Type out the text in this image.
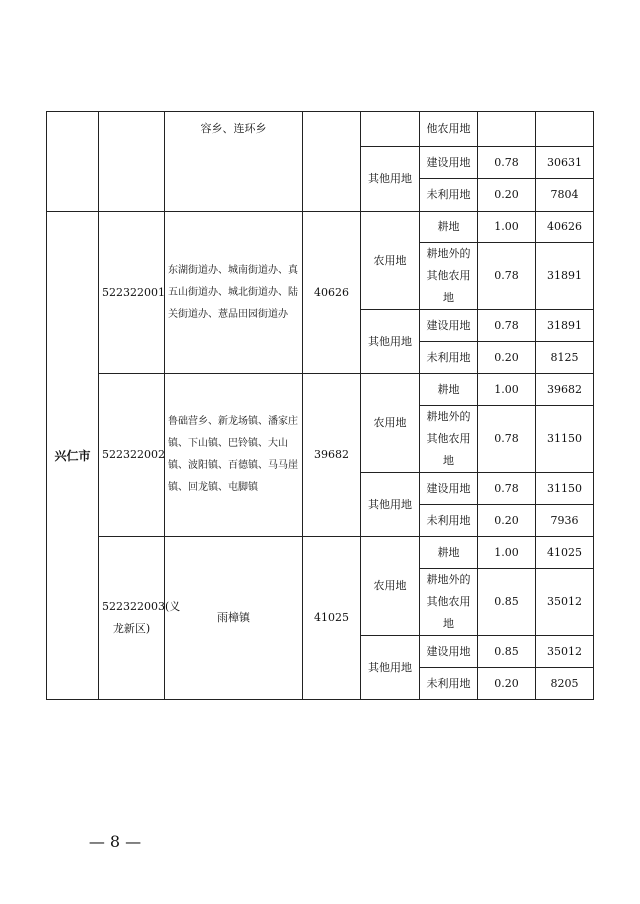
		容乡、连环乡			他农用地		
				其他用地	建设用地	0.78	30631
					未利用地	0.20	7804
兴仁市	522322001	东湖街道办、城南街道办、真五山街道办、城北街道办、陆关街道办、薏品田园街道办	40626	农用地	耕地	1.00	40626
					耕地外的其他农用地	0.78	31891
				其他用地	建设用地	0.78	31891
					未利用地	0.20	8125
	522322002	鲁础营乡、新龙场镇、潘家庄镇、下山镇、巴铃镇、大山镇、波阳镇、百德镇、马马崖镇、回龙镇、屯脚镇	39682	农用地	耕地	1.00	39682
					耕地外的其他农用地	0.78	31150
				其他用地	建设用地	0.78	31150
					未利用地	0.20	7936
	522322003(义龙新区)	雨樟镇	41025	农用地	耕地	1.00	41025
					耕地外的其他农用地	0.85	35012
				其他用地	建设用地	0.85	35012
					未利用地	0.20	8205
— 8 —
